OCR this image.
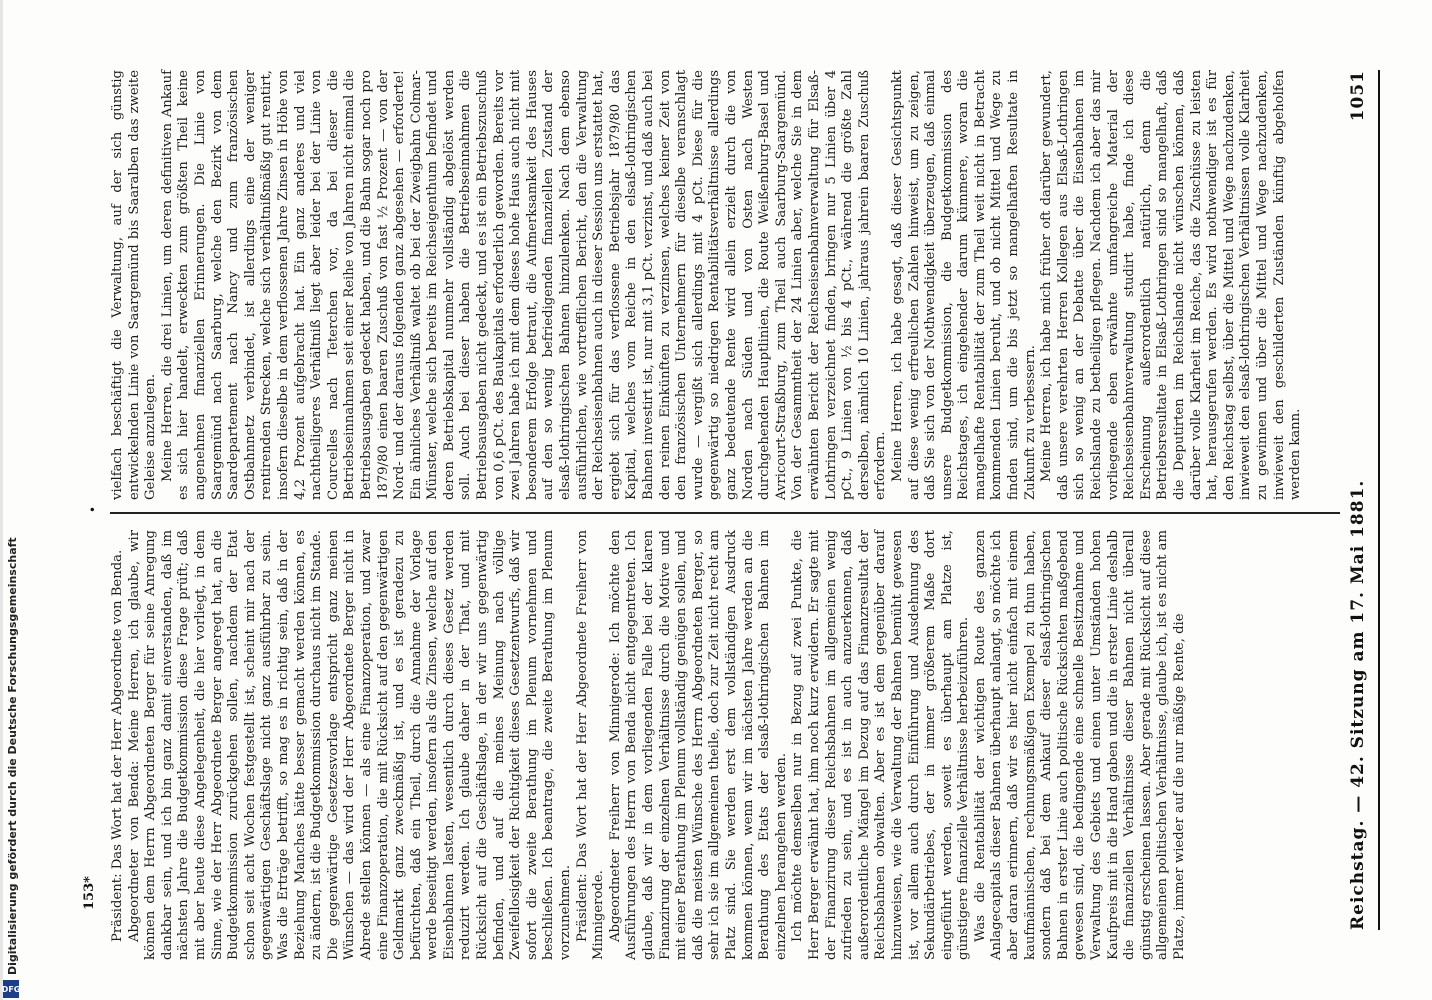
Reichstag. — 42. Sitzung am 17. Mai 1881.
1051
•

vielfach beschäftigt die Verwaltung, auf der sich günstig entwickelnden Linie von Saargemünd bis Saaralben das zweite Geleise anzulegen. Meine Herren, die drei Linien, um deren definitiven Ankauf es sich hier handelt, erweckten zum größten Theil keine angenehmen finanziellen Erinnerungen. Die Linie von Saargemünd nach Saarburg, welche den Bezirk von dem Saardepartement nach Nancy und zum französischen Ostbahnnetz verbindet, ist allerdings eine der weniger rentirenden Strecken, welche sich verhältnißmäßig gut rentirt, insofern dieselbe in dem verflossenen Jahre Zinsen in Höhe von 4,2 Prozent aufgebracht hat. Ein ganz anderes und viel nachtheiligeres Verhältniß liegt aber leider bei der Linie von Courcelles nach Teterchen vor, da bei dieser die Betriebseinnahmen seit einer Reihe von Jahren nicht einmal die Betriebsausgaben gedeckt haben, und die Bahn sogar noch pro 1879/80 einen baaren Zuschuß von fast ½ Prozent — von der Nord- und der daraus folgenden ganz abgesehen — erforderte! Ein ähnliches Verhältniß waltet ob bei der Zweigbahn Colmar-Münster, welche sich bereits im Reichseigenthum befindet und deren Betriebskapital nunmehr vollständig abgelöst werden soll. Auch bei dieser haben die Betriebseinnahmen die Betriebsausgaben nicht gedeckt, und es ist ein Betriebszuschuß von 0,6 pCt. des Baukapitals erforderlich geworden. Bereits vor zwei Jahren habe ich mit dem dieses hohe Haus auch nicht mit besonderem Erfolge betraut, die Aufmerksamkeit des Hauses auf den so wenig befriedigenden finanziellen Zustand der elsaß-lothringischen Bahnen hinzulenken. Nach dem ebenso ausführlichen, wie vortrefflichen Bericht, den die Verwaltung der Reichseisenbahnen auch in dieser Session uns erstattet hat, ergiebt sich für das verflossene Betriebsjahr 1879/80 das Kapital, welches vom Reiche in den elsaß-lothringischen Bahnen investirt ist, nur mit 3,1 pCt. verzinst, und daß auch bei den reinen Einkünften zu verzinsen, welches keiner Zeit von den französischen Unternehmern für dieselbe veranschlagt wurde — vergißt sich allerdings mit 4 pCt. Diese für die gegenwärtig so niedrigen Rentabilitätsverhältnisse allerdings ganz bedeutende Rente wird allein erzielt durch die von Norden nach Süden und von Osten nach Westen durchgehenden Hauptlinien, die Route Weißenburg-Basel und Avricourt-Straßburg, zum Theil auch Saarburg-Saargemünd. Von der Gesammtheit der 24 Linien aber, welche Sie in dem erwähnten Bericht der Reichseisenbahnverwaltung für Elsaß-Lothringen verzeichnet finden, bringen nur 5 Linien über 4 pCt., 9 Linien von ½ bis 4 pCt., während die größte Zahl derselben, nämlich 10 Linien, jahraus jahrein baaren Zuschuß erfordern. Meine Herren, ich habe gesagt, daß dieser Gesichtspunkt auf diese wenig erfreulichen Zahlen hinweist, um zu zeigen, daß Sie sich von der Nothwendigkeit überzeugen, daß einmal unsere Budgetkommission, die Budgetkommission des Reichstages, ich eingehender darum kümmere, woran die mangelhafte Rentabilität der zum Theil weit nicht in Betracht kommenden Linien beruht, und ob nicht Mittel und Wege zu finden sind, um die bis jetzt so mangelhaften Resultate in Zukunft zu verbessern. Meine Herren, ich habe mich früher oft darüber gewundert, daß unsere verehrten Herren Kollegen aus Elsaß-Lothringen sich so wenig an der Debatte über die Eisenbahnen im Reichslande zu betheiligen pflegen. Nachdem ich aber das mir vorliegende eben erwähnte umfangreiche Material der Reichseisenbahnverwaltung studirt habe, finde ich diese Erscheinung außerordentlich natürlich, denn die Betriebsresultate in Elsaß-Lothringen sind so mangelhaft, daß die Deputirten im Reichslande nicht wünschen können, daß darüber volle Klarheit im Reiche, das die Zuschüsse zu leisten hat, herausgerufen werden. Es wird nothwendiger ist es für den Reichstag selbst, über die Mittel und Wege nachzudenken, inwieweit den elsaß-lothringischen Verhältnissen volle Klarheit zu gewinnen und über die Mittel und Wege nachzudenken, inwieweit den geschilderten Zuständen künftig abgeholfen werden kann.

Präsident: Das Wort hat der Herr Abgeordnete von Benda. Abgeordneter von Benda: Meine Herren, ich glaube, wir können dem Herrn Abgeordneten Berger für seine Anregung dankbar sein, und ich bin ganz damit einverstanden, daß im nächsten Jahre die Budgetkommission diese Frage prüft; daß mit aber heute diese Angelegenheit, die hier vorliegt, in dem Sinne, wie der Herr Abgeordnete Berger angeregt hat, an die Budgetkommission zurückgehen sollen, nachdem der Etat schon seit acht Wochen festgestellt ist, scheint mir nach der gegenwärtigen Geschäftslage nicht ganz ausführbar zu sein. Was die Erträge betrifft, so mag es in richtig sein, daß in der Beziehung Manches hätte besser gemacht werden können, es zu ändern, ist die Budgetkommission durchaus nicht im Stande. Die gegenwärtige Gesetzesvorlage entspricht ganz meinen Wünschen — das wird der Herr Abgeordnete Berger nicht in Abrede stellen können — als eine Finanzoperation, und zwar eine Finanzoperation, die mit Rücksicht auf den gegenwärtigen Geldmarkt ganz zweckmäßig ist, und es ist geradezu zu befürchten, daß ein Theil, durch die Annahme der Vorlage werde beseitigt werden, insofern als die Zinsen, welche auf den Eisenbahnen lasten, wesentlich durch dieses Gesetz werden reduzirt werden. Ich glaube daher in der That, und mit Rücksicht auf die Geschäftslage, in der wir uns gegenwärtig befinden, und auf die meines Meinung nach völlige Zweifellosigkeit der Richtigkeit dieses Gesetzentwurfs, daß wir sofort die zweite Berathung im Plenum vornehmen und beschließen. Ich beantrage, die zweite Berathung im Plenum vorzunehmen. Präsident: Das Wort hat der Herr Abgeordnete Freiherr von Minnigerode. Abgeordneter Freiherr von Minnigerode: Ich möchte den Ausführungen des Herrn von Benda nicht entgegentreten. Ich glaube, daß wir in dem vorliegenden Falle bei der klaren Finanzirung der einzelnen Verhältnisse durch die Motive und mit einer Berathung im Plenum vollständig genügen sollen, und daß die meisten Wünsche des Herrn Abgeordneten Berger, so sehr ich sie im allgemeinen theile, doch zur Zeit nicht recht am Platz sind. Sie werden erst dem vollständigen Ausdruck kommen können, wenn wir im nächsten Jahre werden an die Berathung des Etats der elsaß-lothringischen Bahnen im einzelnen herangehen werden. Ich möchte demselben nur in Bezug auf zwei Punkte, die Herr Berger erwähnt hat, ihm noch kurz erwidern. Er sagte mit der Finanzirung dieser Reichsbahnen im allgemeinen wenig zufrieden zu sein, und es ist in auch anzuerkennen, daß außerordentliche Mängel im Dezug auf das Finanzresultat der Reichsbahnen obwalten. Aber es ist dem gegenüber darauf hinzuweisen, wie die Verwaltung der Bahnen bemüht gewesen ist, vor allem auch durch Einführung und Ausdehnung des Sekundärbetriebes, der in immer größerem Maße dort eingeführt werden, soweit es überhaupt am Platze ist, günstigere finanzielle Verhältnisse herbeizuführen. Was die Rentabilität der wichtigen Route des ganzen Anlagecapitals dieser Bahnen überhaupt anlangt, so möchte ich aber daran erinnern, daß wir es hier nicht einfach mit einem kaufmännischen, rechnungsmäßigen Exempel zu thun haben, sondern daß bei dem Ankauf dieser elsaß-lothringischen Bahnen in erster Linie auch politische Rücksichten maßgebend gewesen sind, die bedingende eine schnelle Besitznahme und Verwaltung des Gebiets und einen unter Umständen hohen Kaufpreis mit in die Hand gaben und die in erster Linie deshalb die finanziellen Verhältnisse dieser Bahnen nicht überall günstig erscheinen lassen. Aber gerade mit Rücksicht auf diese allgemeinen politischen Verhältnisse, glaube ich, ist es nicht am Platze, immer wieder auf die nur mäßige Rente, die

153*
Digitalisierung gefördert durch die Deutsche Forschungsgemeinschaft
DFG
